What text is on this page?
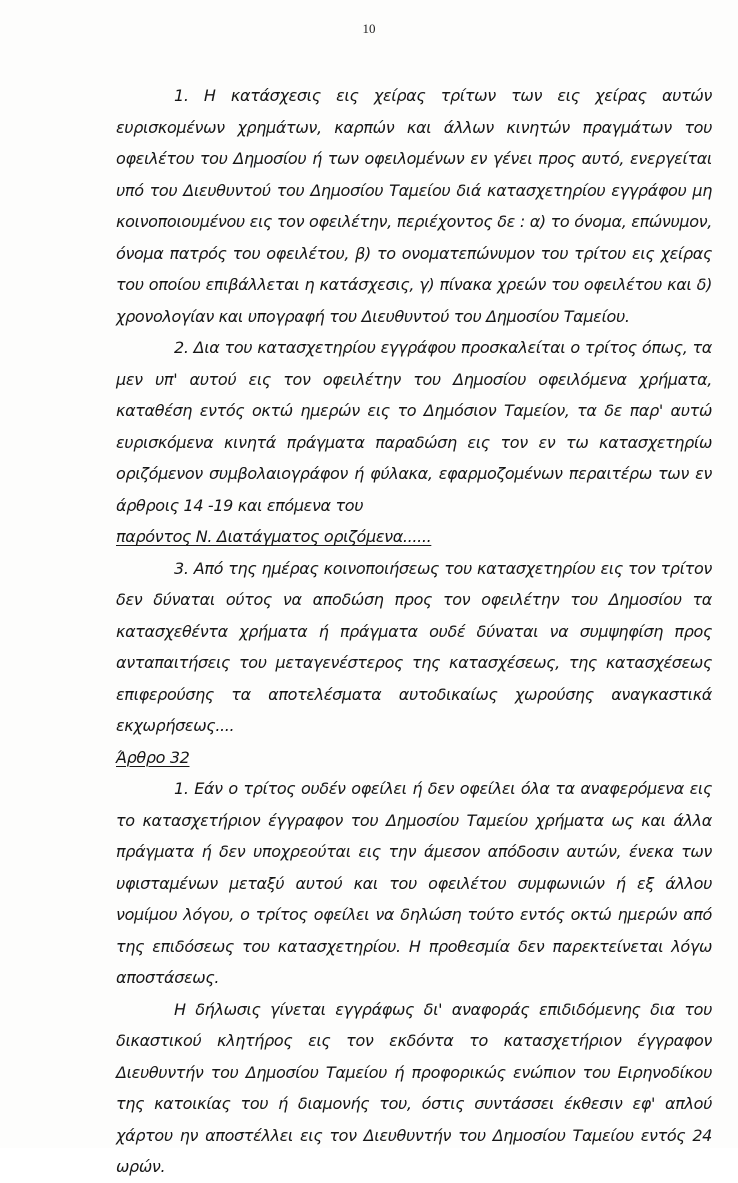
10

1. Η κατάσχεσις εις χείρας τρίτων των εις χείρας αυτών ευρισκομένων χρημάτων, καρπών και άλλων κινητών πραγμάτων του οφειλέτου του Δημοσίου ή των οφειλομένων εν γένει προς αυτό, ενεργείται υπό του Διευθυντού του Δημοσίου Ταμείου διά κατασχετηρίου εγγράφου μη κοινοποιουμένου εις τον οφειλέτην, περιέχοντος δε : α) το όνομα, επώνυμον, όνομα πατρός του οφειλέτου, β) το ονοματεπώνυμον του τρίτου εις χείρας του οποίου επιβάλλεται η κατάσχεσις, γ) πίνακα χρεών του οφειλέτου και δ) χρονολογίαν και υπογραφή του Διευθυντού του Δημοσίου Ταμείου.

2. Δια του κατασχετηρίου εγγράφου προσκαλείται ο τρίτος όπως, τα μεν υπ' αυτού εις τον οφειλέτην του Δημοσίου οφειλόμενα χρήματα, καταθέση εντός οκτώ ημερών εις το Δημόσιον Ταμείον, τα δε παρ' αυτώ ευρισκόμενα κινητά πράγματα παραδώση εις τον εν τω κατασχετηρίω οριζόμενον συμβολαιογράφον ή φύλακα, εφαρμοζομένων περαιτέρω των εν άρθροις 14 -19 και επόμενα του

παρόντος Ν. Διατάγματος οριζόμενα......

3. Από της ημέρας κοινοποιήσεως του κατασχετηρίου εις τον τρίτον δεν δύναται ούτος να αποδώση προς τον οφειλέτην του Δημοσίου τα κατασχεθέντα χρήματα ή πράγματα ουδέ δύναται να συμψηφίση προς ανταπαιτήσεις του μεταγενέστερος της κατασχέσεως, της κατασχέσεως επιφερούσης τα αποτελέσματα αυτοδικαίως χωρούσης αναγκαστικά εκχωρήσεως....

Άρθρο 32

1. Εάν ο τρίτος ουδέν οφείλει ή δεν οφείλει όλα τα αναφερόμενα εις το κατασχετήριον έγγραφον του Δημοσίου Ταμείου χρήματα ως και άλλα πράγματα ή δεν υποχρεούται εις την άμεσον απόδοσιν αυτών, ένεκα των υφισταμένων μεταξύ αυτού και του οφειλέτου συμφωνιών ή εξ άλλου νομίμου λόγου, ο τρίτος οφείλει να δηλώση τούτο εντός οκτώ ημερών από της επιδόσεως του κατασχετηρίου. Η προθεσμία δεν παρεκτείνεται λόγω αποστάσεως.

Η δήλωσις γίνεται εγγράφως δι' αναφοράς επιδιδόμενης δια του δικαστικού κλητήρος εις τον εκδόντα το κατασχετήριον έγγραφον Διευθυντήν του Δημοσίου Ταμείου ή προφορικώς ενώπιον του Ειρηνοδίκου της κατοικίας του ή διαμονής του, όστις συντάσσει έκθεσιν εφ' απλού χάρτου ην αποστέλλει εις τον Διευθυντήν του Δημοσίου Ταμείου εντός 24 ωρών.
